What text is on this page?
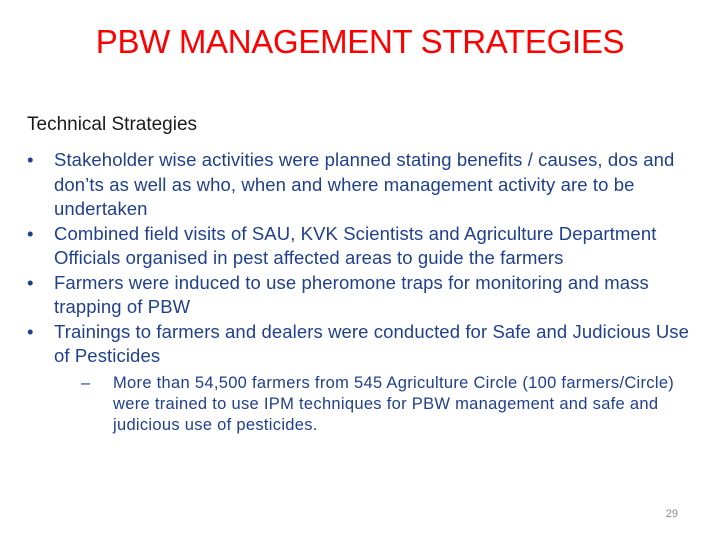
PBW MANAGEMENT STRATEGIES
Technical Strategies
• Stakeholder wise activities were planned stating benefits / causes, dos and don’ts as well as who, when and where management activity are to be undertaken
• Combined field visits of SAU, KVK Scientists and Agriculture Department Officials organised in pest affected areas to guide the farmers
• Farmers were induced to use pheromone traps for monitoring and mass trapping of PBW
• Trainings to farmers and dealers were conducted for Safe and Judicious Use of Pesticides
– More than 54,500 farmers from 545 Agriculture Circle (100 farmers/Circle) were trained to use IPM techniques for PBW management and safe and judicious use of pesticides.
29
